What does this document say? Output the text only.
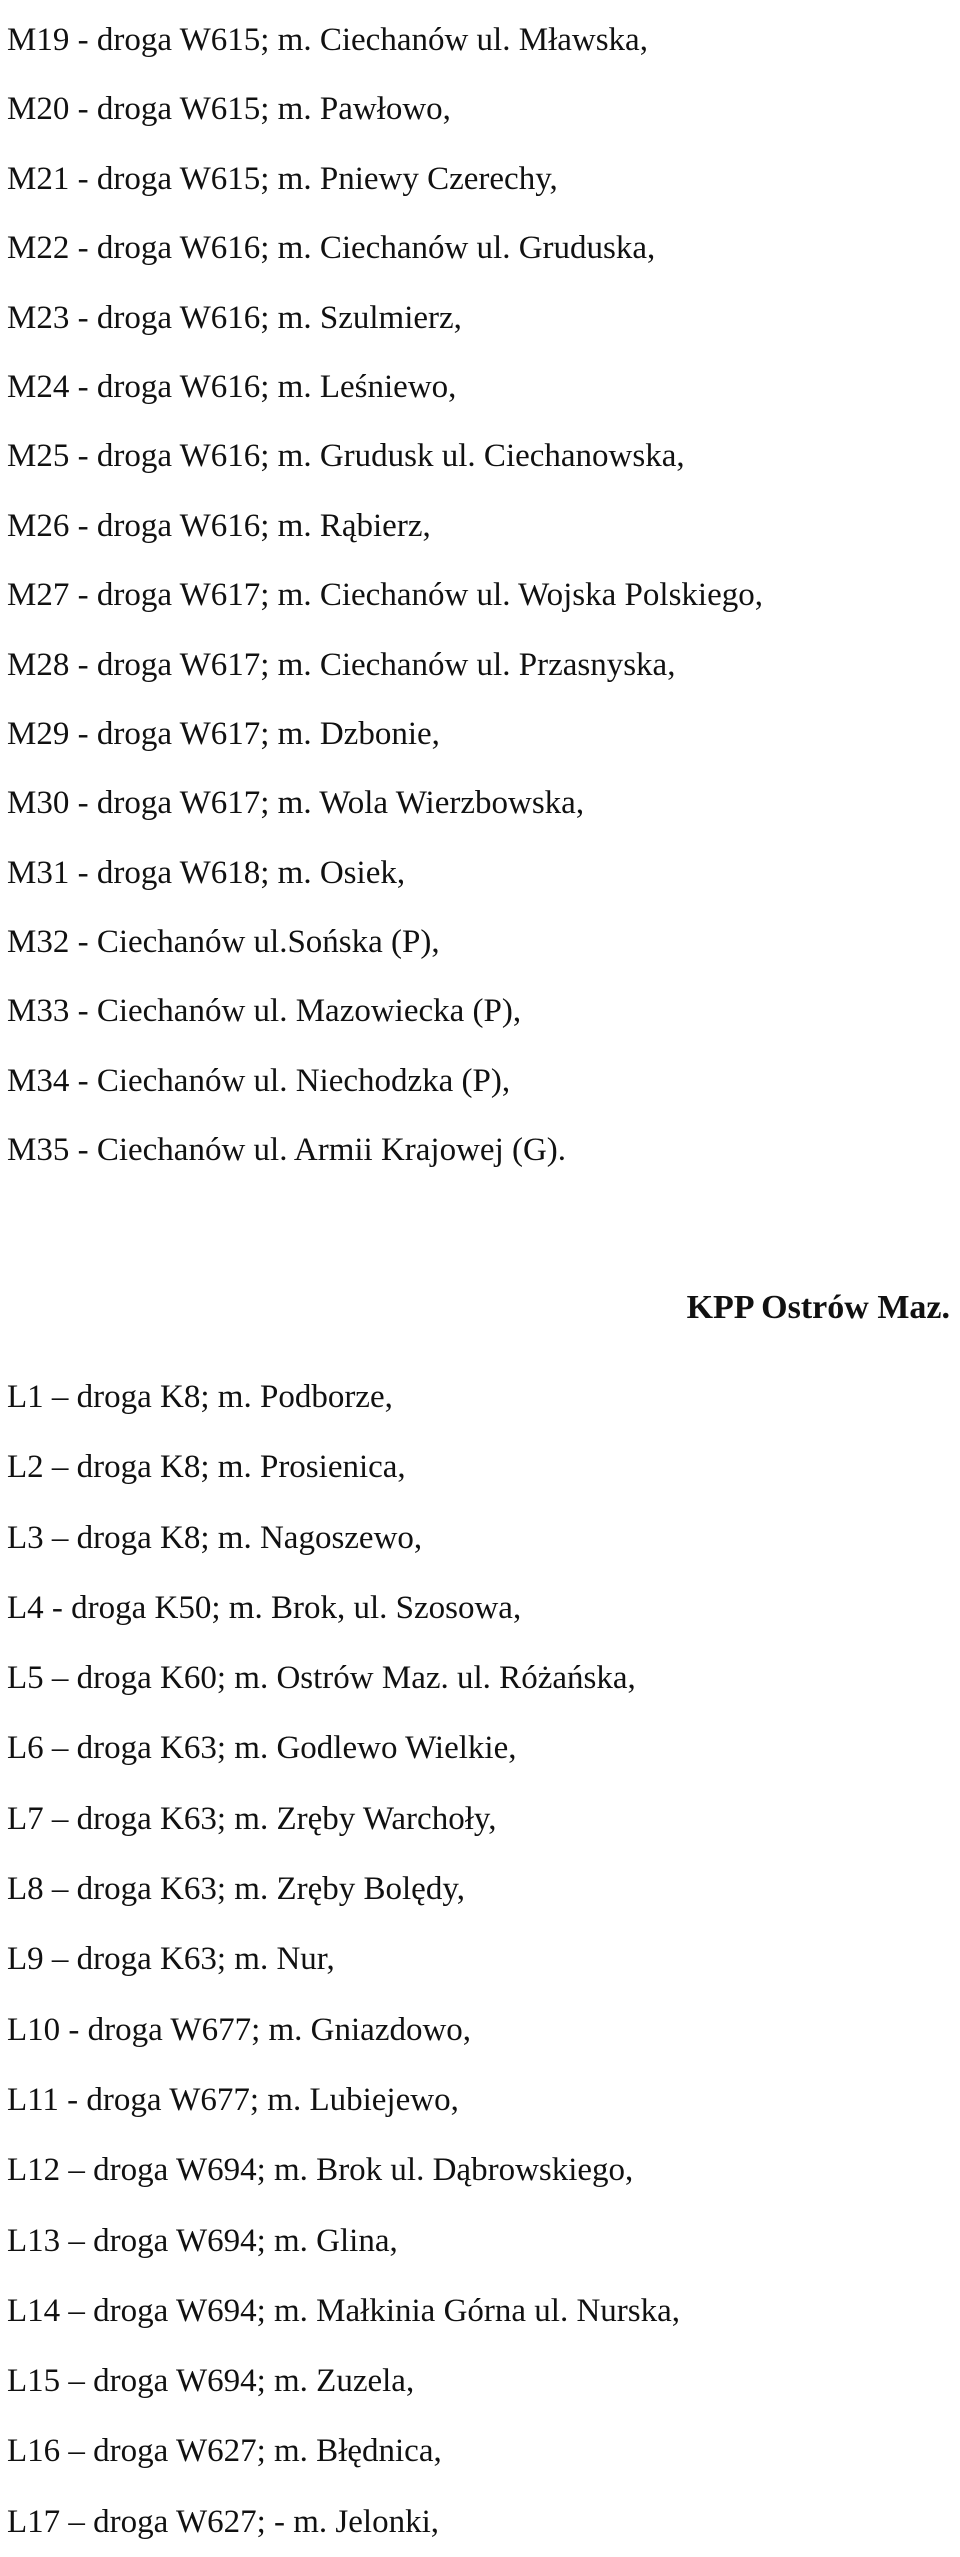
M19 - droga W615; m. Ciechanów ul. Mławska,
M20 - droga W615; m. Pawłowo,
M21 - droga W615; m. Pniewy Czerechy,
M22 - droga W616; m. Ciechanów ul. Gruduska,
M23 - droga W616; m. Szulmierz,
M24 - droga W616; m. Leśniewo,
M25 - droga W616; m. Grudusk ul. Ciechanowska,
M26 - droga W616; m. Rąbierz,
M27 - droga W617; m. Ciechanów ul. Wojska Polskiego,
M28 - droga W617; m. Ciechanów ul. Przasnyska,
M29 - droga W617; m. Dzbonie,
M30 - droga W617; m. Wola Wierzbowska,
M31 - droga W618; m. Osiek,
M32 - Ciechanów ul.Sońska (P),
M33 - Ciechanów ul. Mazowiecka (P),
M34 - Ciechanów ul. Niechodzka (P),
M35 - Ciechanów ul. Armii Krajowej (G).
KPP Ostrów Maz.
L1 – droga K8; m. Podborze,
L2 – droga K8; m. Prosienica,
L3 – droga K8; m. Nagoszewo,
L4 - droga K50; m. Brok, ul. Szosowa,
L5 – droga K60; m. Ostrów Maz. ul. Różańska,
L6 – droga K63; m. Godlewo Wielkie,
L7 – droga K63; m. Zręby Warchoły,
L8 – droga K63; m. Zręby Bolędy,
L9 – droga K63; m. Nur,
L10 - droga W677; m. Gniazdowo,
L11 - droga W677; m. Lubiejewo,
L12 – droga W694; m. Brok ul. Dąbrowskiego,
L13 – droga W694; m. Glina,
L14 – droga W694; m. Małkinia Górna ul. Nurska,
L15 – droga W694; m. Zuzela,
L16 – droga W627; m. Błędnica,
L17 – droga W627; - m. Jelonki,
